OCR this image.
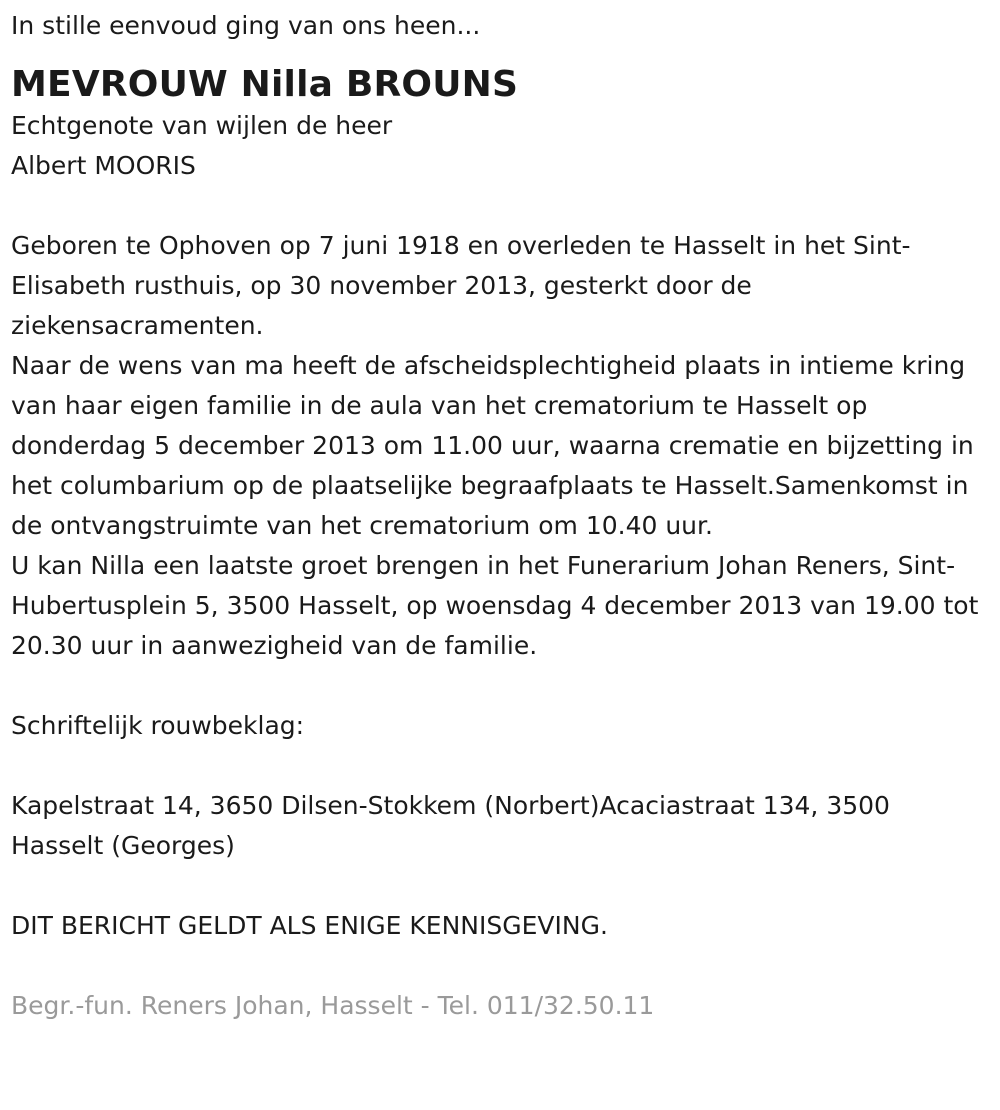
In stille eenvoud ging van ons heen...

MEVROUW Nilla BROUNS

Echtgenote van wijlen de heer

Albert MOORIS

Geboren te Ophoven op 7 juni 1918 en overleden te Hasselt in het Sint-Elisabeth rusthuis, op 30 november 2013, gesterkt door de ziekensacramenten.

Naar de wens van ma heeft de afscheidsplechtigheid plaats in intieme kring van haar eigen familie in de aula van het crematorium te Hasselt op donderdag 5 december 2013 om 11.00 uur, waarna crematie en bijzetting in het columbarium op de plaatselijke begraafplaats te Hasselt.Samenkomst in de ontvangstruimte van het crematorium om 10.40 uur.

U kan Nilla een laatste groet brengen in het Funerarium Johan Reners, Sint-Hubertusplein 5, 3500 Hasselt, op woensdag 4 december 2013 van 19.00 tot 20.30 uur in aanwezigheid van de familie.

Schriftelijk rouwbeklag:

Kapelstraat 14, 3650 Dilsen-Stokkem (Norbert)Acaciastraat 134, 3500 Hasselt (Georges)

DIT BERICHT GELDT ALS ENIGE KENNISGEVING.

Begr.-fun. Reners Johan, Hasselt - Tel. 011/32.50.11
